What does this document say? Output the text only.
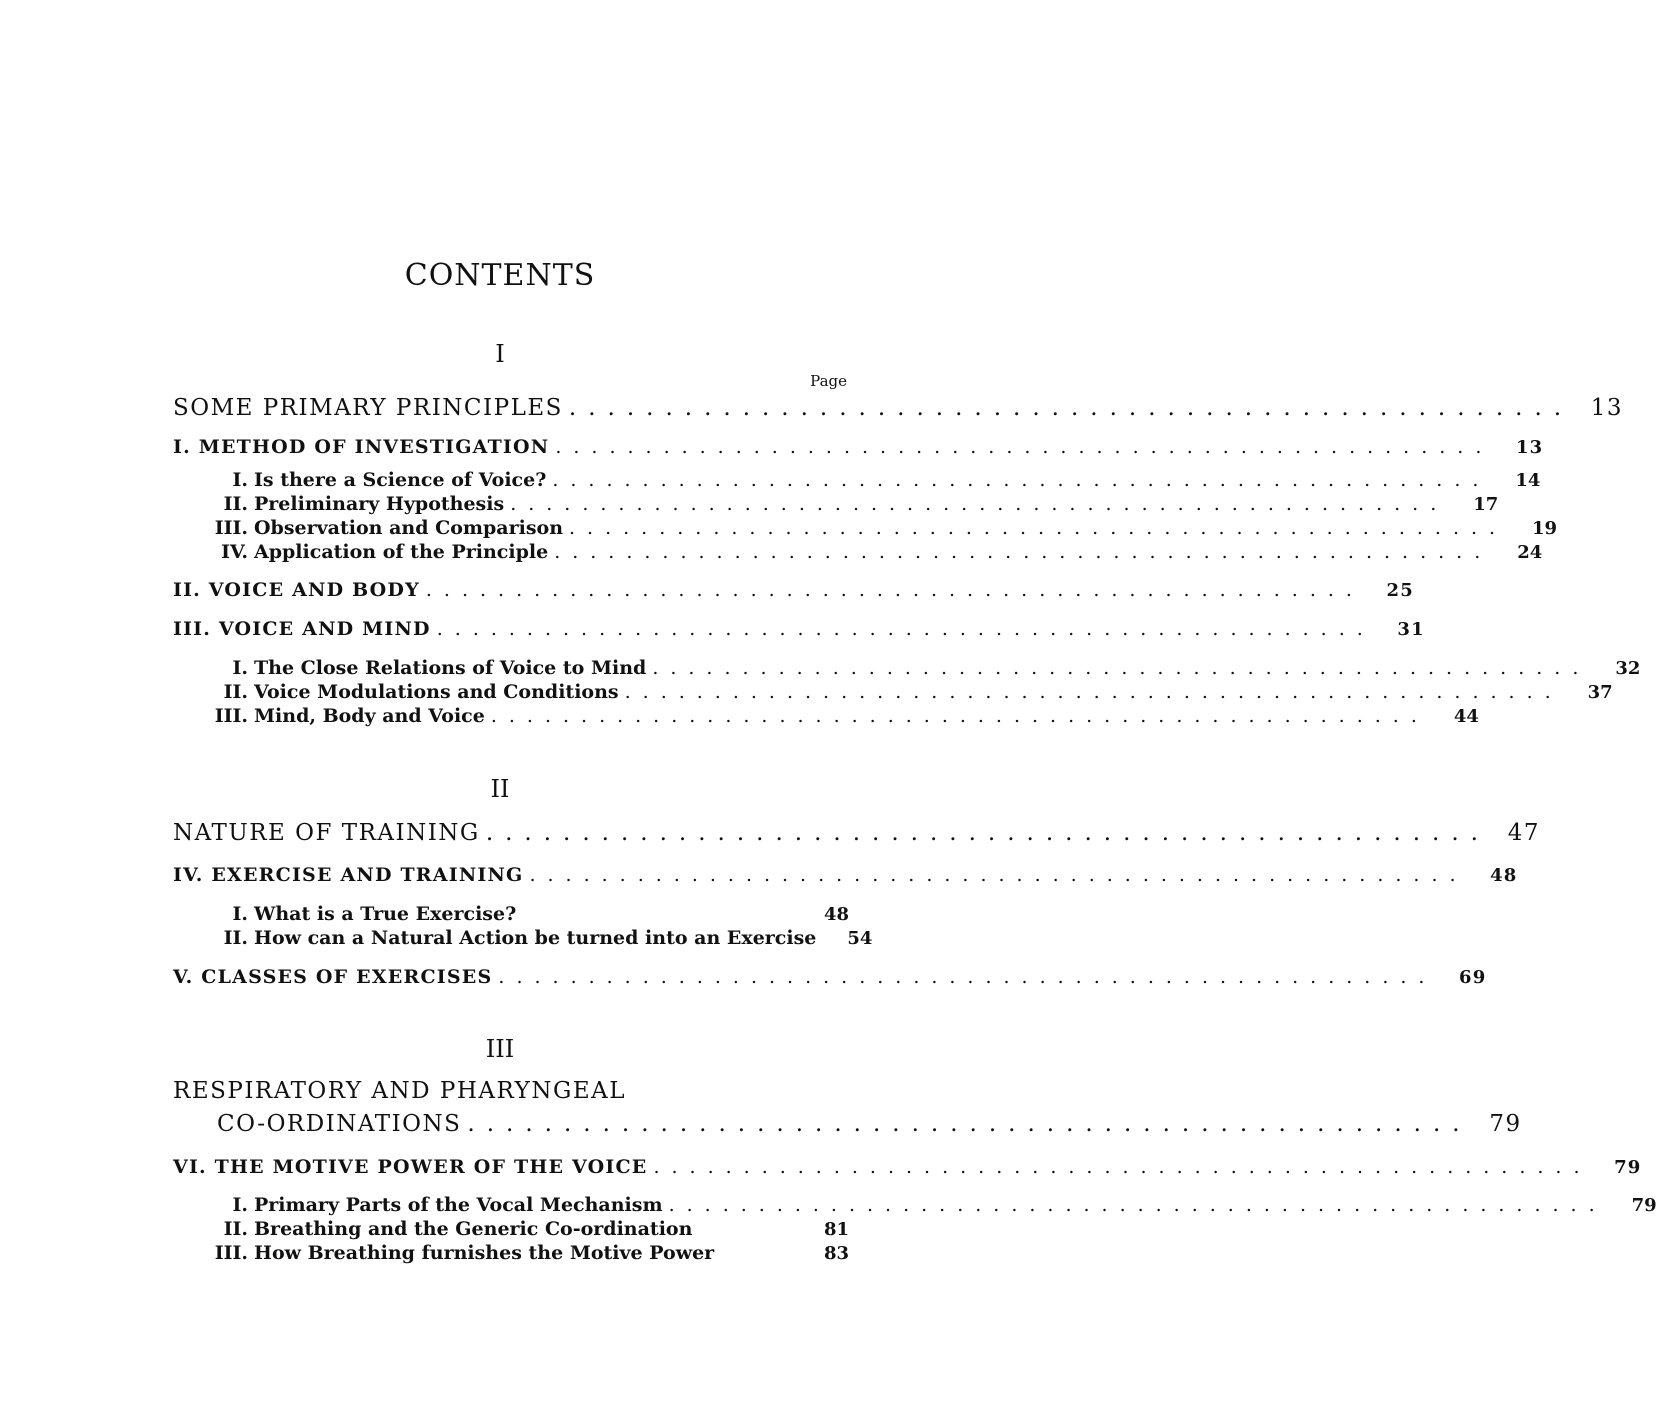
CONTENTS
I
Page
SOME PRIMARY PRINCIPLES .................................................... 13
I. METHOD OF INVESTIGATION ....................................................	13
I. Is there a Science of Voice? ....................................................	14
II. Preliminary Hypothesis ....................................................	17
III. Observation and Comparison ....................................................	19
IV. Application of the Principle ....................................................	24
II. VOICE AND BODY ....................................................	25
III. VOICE AND MIND ....................................................	31
I. The Close Relations of Voice to Mind ....................................................	32
II. Voice Modulations and Conditions ....................................................	37
III. Mind, Body and Voice ....................................................	44
II
NATURE OF TRAINING .................................................... 47
IV. EXERCISE AND TRAINING ....................................................	48
I. What is a True Exercise?	48
II. How can a Natural Action be turned into an Exercise	54
V. CLASSES OF EXERCISES ....................................................	69
III
RESPIRATORY AND PHARYNGEAL
CO-ORDINATIONS .................................................... 79
VI. THE MOTIVE POWER OF THE VOICE ....................................................	79
I. Primary Parts of the Vocal Mechanism ....................................................	79
II. Breathing and the Generic Co-ordination	81
III. How Breathing furnishes the Motive Power	83
